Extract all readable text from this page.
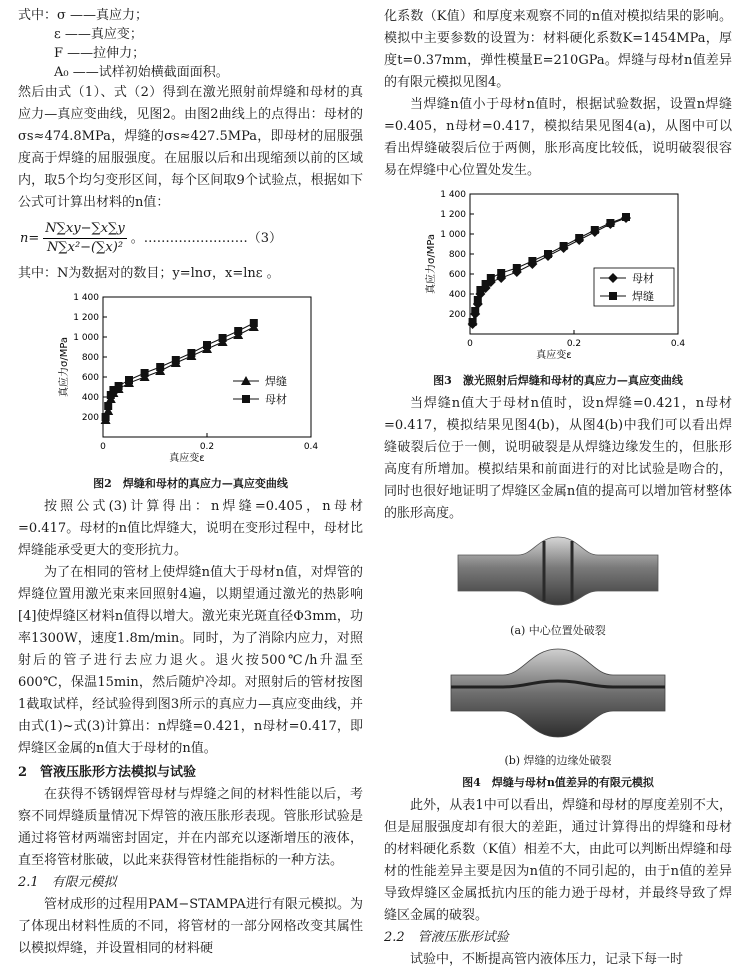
式中：σ ——真应力；
ε ——真应变；
F ——拉伸力；
A₀ ——试样初始横截面面积。

然后由式（1）、式（2）得到在激光照射前焊缝和母材的真应力—真应变曲线，见图2。由图2曲线上的点得出：母材的σs≈474.8MPa，焊缝的σs≈427.5MPa，即母材的屈服强度高于焊缝的屈服强度。在屈服以后和出现缩颈以前的区域内，取5个均匀变形区间，每个区间取9个试验点，根据如下公式可计算出材料的n值：

$n= \frac{N\sum xy-\sum x\sum y}{\text{N∑x²−(∑x)²}}$ 。……………………（3）

其中：N为数据对的数目；y=lnσ，x=lnε 。

200
400
600
800
1 000
1 200
1 400
0.2	0.4
0
真应变ε
真应力σ/MPa	焊缝
母材
图2　焊缝和母材的真应力—真应变曲线

按照公式(3)计算得出：n焊缝=0.405，n母材=0.417。母材的n值比焊缝大，说明在变形过程中，母材比焊缝能承受更大的变形抗力。

为了在相同的管材上使焊缝n值大于母材n值，对焊管的焊缝位置用激光束来回照射4遍，以期望通过激光的热影响[4]使焊缝区材料n值得以增大。激光束光斑直径Φ3mm，功率1300W，速度1.8m/min。同时，为了消除内应力，对照射后的管子进行去应力退火。退火按500℃/h升温至600℃，保温15min，然后随炉冷却。对照射后的管材按图1截取试样，经试验得到图3所示的真应力—真应变曲线，并由式(1)~式(3)计算出：n焊缝=0.421，n母材=0.417，即焊缝区金属的n值大于母材的n值。

2　管液压胀形方法模拟与试验

在获得不锈钢焊管母材与焊缝之间的材料性能以后，考察不同焊缝质量情况下焊管的液压胀形表现。管胀形试验是通过将管材两端密封固定，并在内部充以逐渐增压的液体，直至将管材胀破，以此来获得管材性能指标的一种方法。

2.1　有限元模拟

管材成形的过程用PAM−STAMPA进行有限元模拟。为了体现出材料性质的不同，将管材的一部分网格改变其属性以模拟焊缝，并设置相同的材料硬

化系数（K值）和厚度来观察不同的n值对模拟结果的影响。模拟中主要参数的设置为：材料硬化系数K=1454MPa，厚度t=0.37mm，弹性模量E=210GPa。焊缝与母材n值差异的有限元模拟见图4。

当焊缝n值小于母材n值时，根据试验数据，设置n焊缝=0.405，n母材=0.417，模拟结果见图4(a)，从图中可以看出焊缝破裂后位于两侧，胀形高度比较低，说明破裂很容易在焊缝中心位置处发生。

200
400
600
800
1 000
1 200
1 400
0.2	0.4
0
真应变ε
真应力σ/MPa	母材
焊缝
图3　激光照射后焊缝和母材的真应力—真应变曲线

当焊缝n值大于母材n值时，设n焊缝=0.421，n母材=0.417，模拟结果见图4(b)，从图4(b)中我们可以看出焊缝破裂后位于一侧，说明破裂是从焊缝边缘发生的，但胀形高度有所增加。模拟结果和前面进行的对比试验是吻合的，同时也很好地证明了焊缝区金属n值的提高可以增加管材整体的胀形高度。

(a) 中心位置处破裂
(b) 焊缝的边缘处破裂
图4　焊缝与母材n值差异的有限元模拟

此外，从表1中可以看出，焊缝和母材的厚度差别不大，但是屈服强度却有很大的差距，通过计算得出的焊缝和母材的材料硬化系数（K值）相差不大，由此可以判断出焊缝和母材的性能差异主要是因为n值的不同引起的，由于n值的差异导致焊缝区金属抵抗内压的能力逊于母材，并最终导致了焊缝区金属的破裂。

2.2　管液压胀形试验

试验中，不断提高管内液体压力，记录下每一时
